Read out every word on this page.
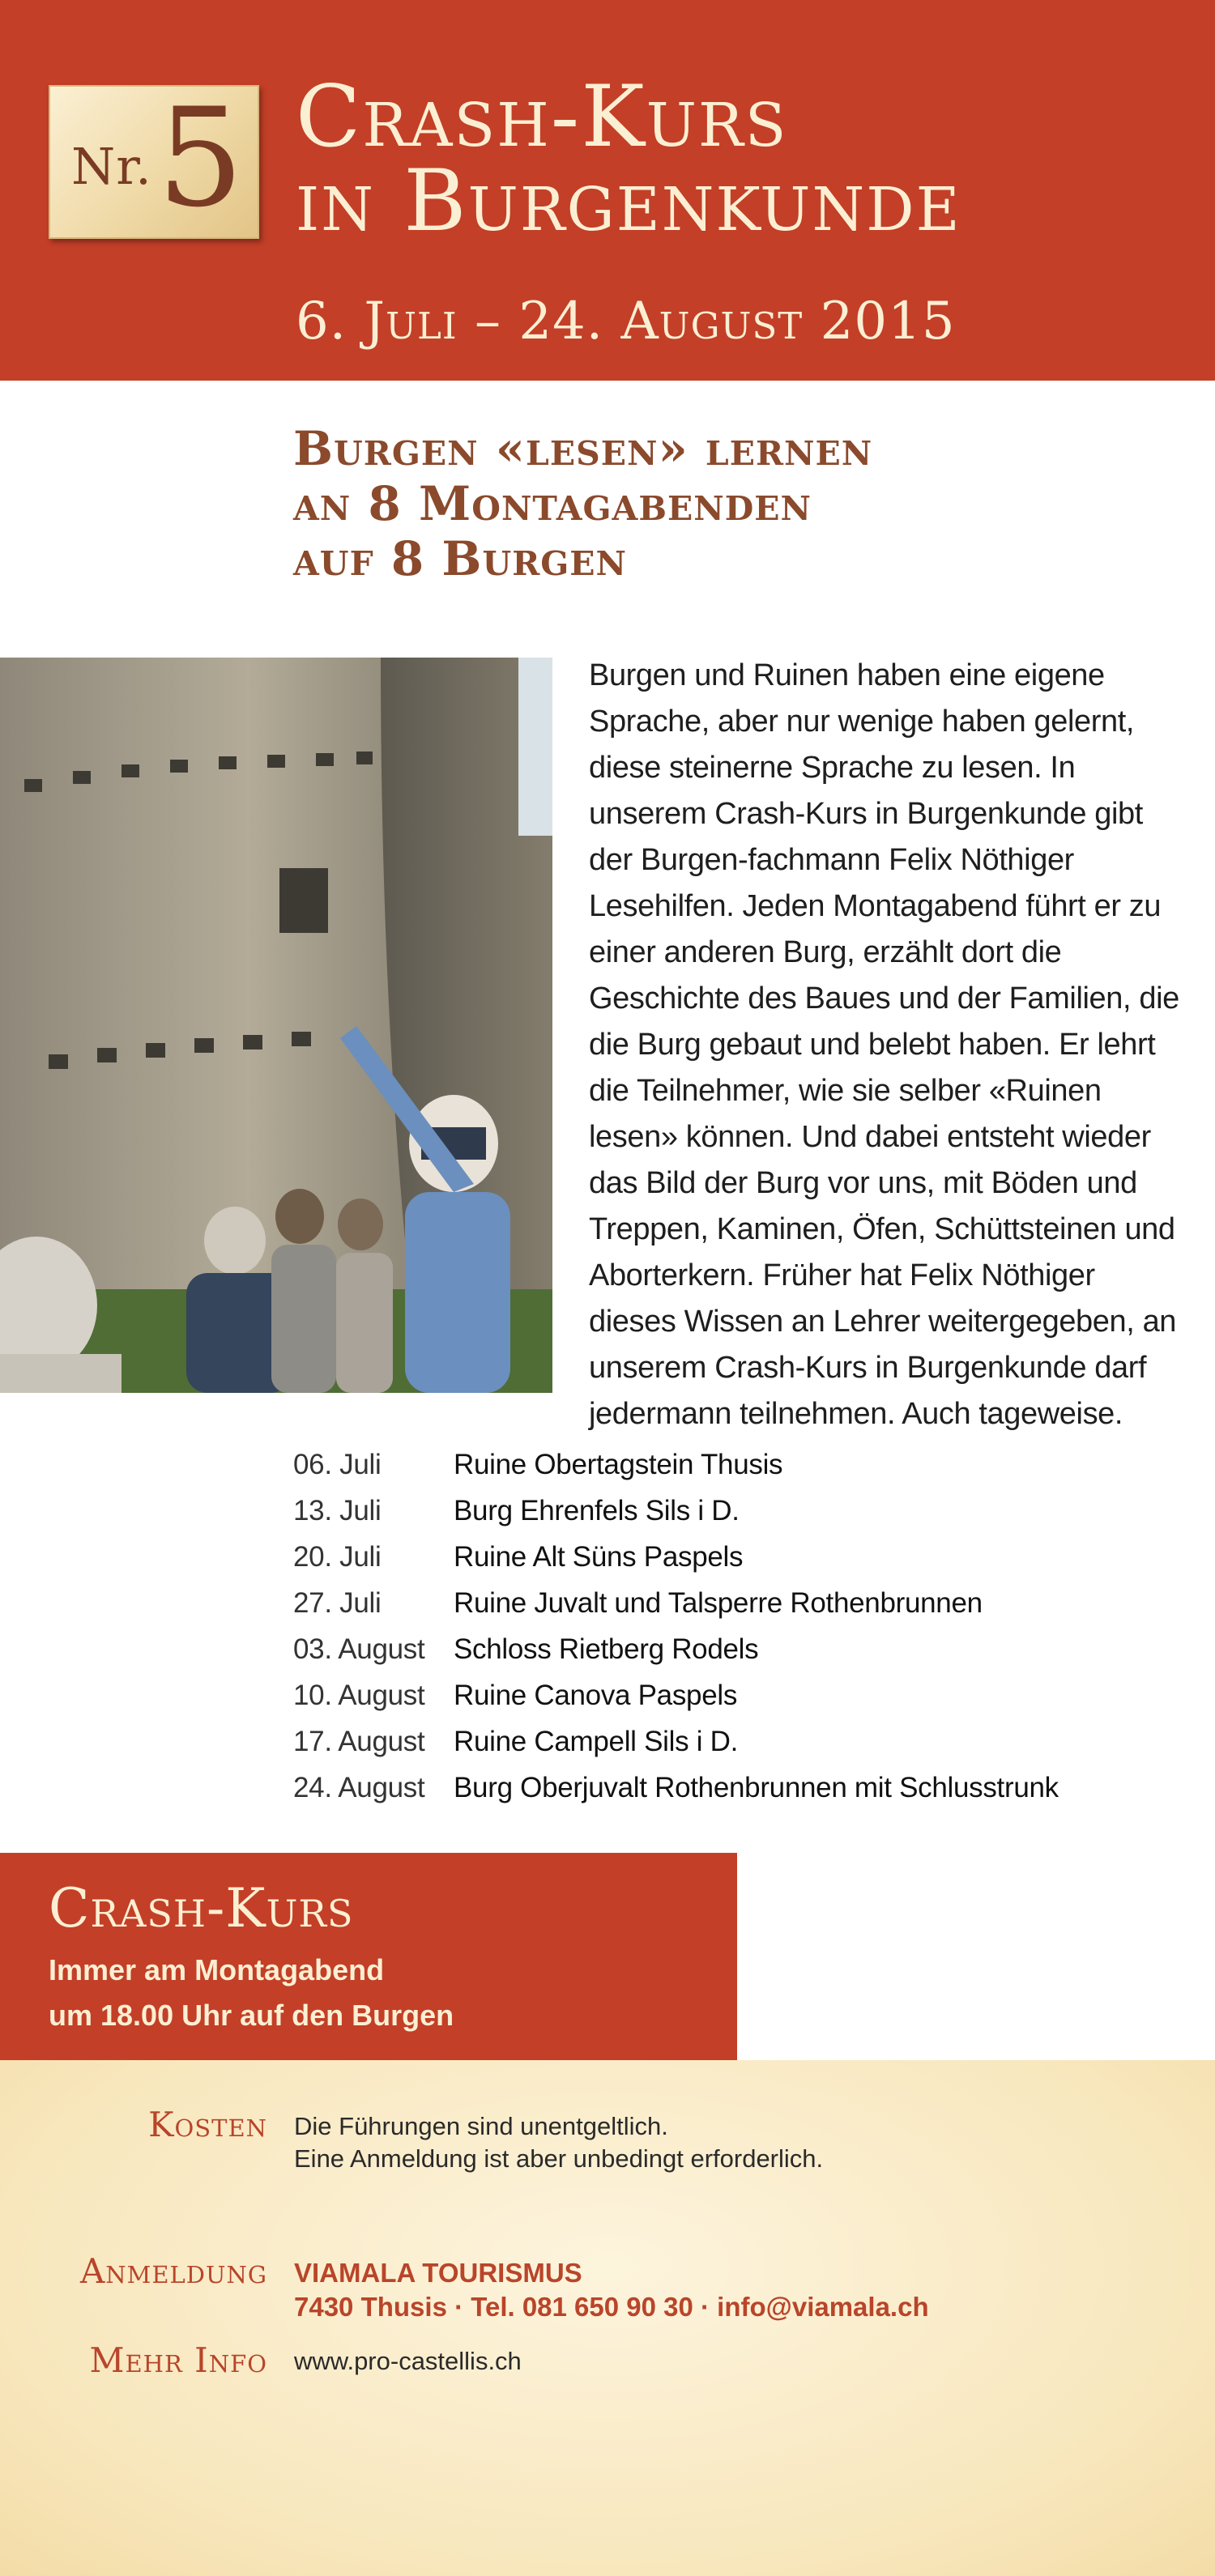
Nr. 5 Crash-Kurs
in Burgenkunde
6. Juli – 24. August 2015
Burgen «lesen» lernen
an 8 Montagabenden
auf 8 Burgen
Burgen und Ruinen haben eine eigene Sprache, aber nur wenige haben gelernt, diese steinerne Sprache zu lesen. In unserem Crash-Kurs in Burgenkunde gibt der Burgen-fachmann Felix Nöthiger Lesehilfen. Jeden Montagabend führt er zu einer anderen Burg, erzählt dort die Geschichte des Baues und der Familien, die die Burg gebaut und belebt haben. Er lehrt die Teilnehmer, wie sie selber «Ruinen lesen» können. Und dabei entsteht wieder das Bild der Burg vor uns, mit Böden und Treppen, Kaminen, Öfen, Schüttsteinen und Aborterkern. Früher hat Felix Nöthiger dieses Wissen an Lehrer weitergegeben, an unserem Crash-Kurs in Burgenkunde darf jedermann teilnehmen. Auch tageweise.
06. Juli	Ruine Obertagstein Thusis
13. Juli	Burg Ehrenfels Sils i D.
20. Juli	Ruine Alt Süns Paspels
27. Juli	Ruine Juvalt und Talsperre Rothenbrunnen
03. August	Schloss Rietberg Rodels
10. August	Ruine Canova Paspels
17. August	Ruine Campell Sils i D.
24. August	Burg Oberjuvalt Rothenbrunnen mit Schlusstrunk
Crash-Kurs
Immer am Montagabend
um 18.00 Uhr auf den Burgen
Kosten Die Führungen sind unentgeltlich.
Eine Anmeldung ist aber unbedingt erforderlich.
Anmeldung VIAMALA TOURISMUS
7430 Thusis · Tel. 081 650 90 30 · info@viamala.ch
Mehr Info www.pro-castellis.ch
